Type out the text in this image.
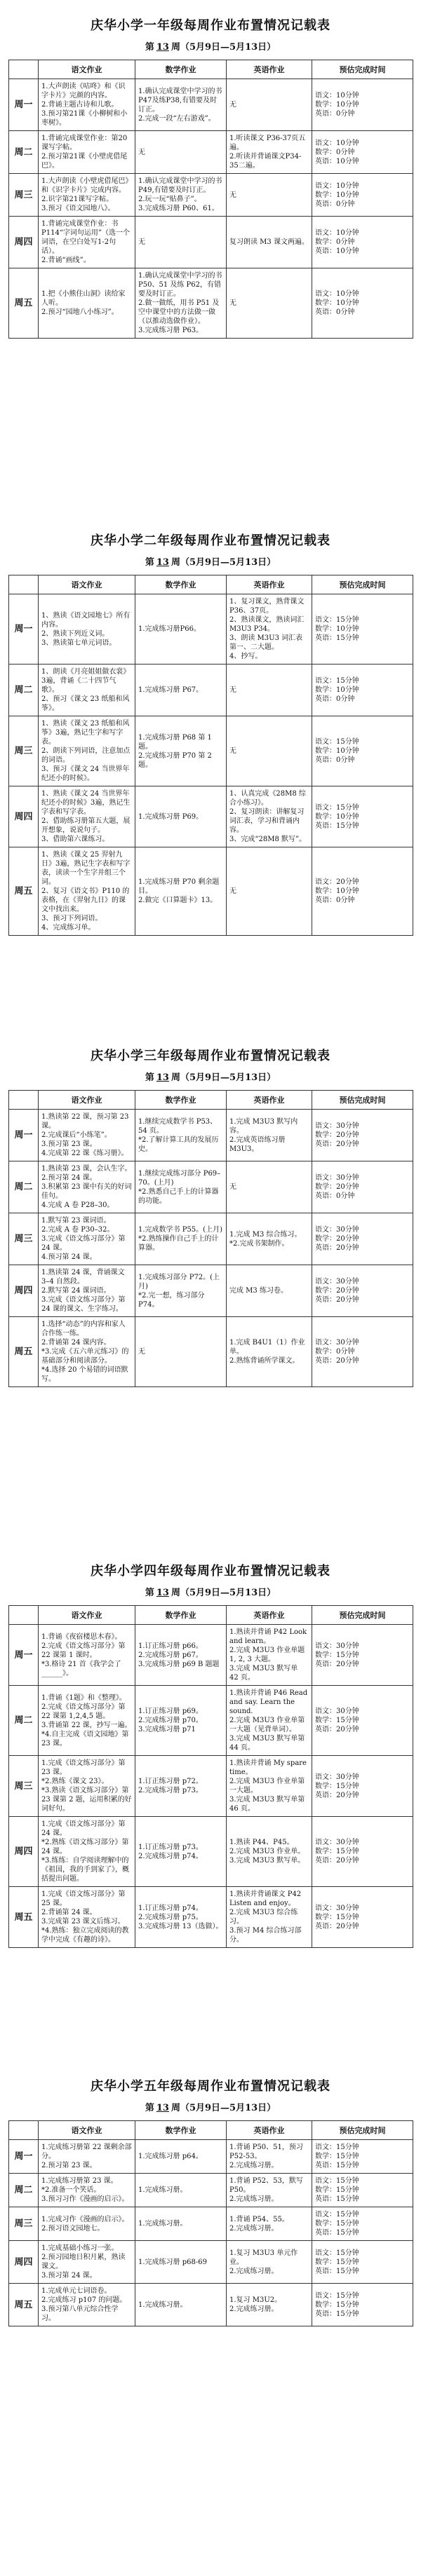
庆华小学一年级每周作业布置情况记载表
第 13 周（5月9日—5月13日）
	语文作业	数学作业	英语作业	预估完成时间
周一	1.大声朗读《咕咚》和《识字卡片》完颜的内容。
2.背诵主题古诗和儿歌。
3.预习第21课《小柳树和小枣树》。	1.确认完成课堂中学习的书P47及练P38,有错要及时订正。
2.完成一段“左右游戏”。	无	语文：10分钟
数学：10分钟
英语：0分钟

周二	1.背诵完成课堂作业：第20课写字帖。
2.预习第21课《小壁虎借尾巴》。	无	1.听读课文 P36-37页五遍。
2.听读并背诵课文P34-35二遍。	语文：10分钟
数学：0分钟
英语：10分钟

周三	1.大声朗读《小壁虎借尾巴》和《识字卡片》完成内容。
2.识字第21课写字帖。
3.预习《语文园地八》。	1.确认完成课堂中学习的书 P49,有错要及时订正。
2.玩一玩“贴鼻子”。
3.完成练习册 P60、61。	无	语文：10分钟
数学：10分钟
英语：0分钟

周四	1.背诵完成课堂作业：书P114“字词句运用”（选一个词语，在空白处写1-2句话）。
2.背诵“画线”。	无	复习朗读 M3 课文两遍。	语文：10分钟
数学：0分钟
英语：10分钟

周五	1.把《小熊住山洞》读给家人听。
2.预习“园地八小练习”。	1.确认完成课堂中学习的书 P50、51 及练 P62，有错要及时订正。
2.做一做纸，用书 P51 及空中课堂中的方法做一做（以推动选做作业）。
3.完成练习册 P63。	无	语文：10分钟
数学：10分钟
英语：0分钟
庆华小学二年级每周作业布置情况记载表
第 13 周（5月9日—5月13日）
	语文作业	数学作业	英语作业	预估完成时间
周一	1、熟读《语文园地七》所有内容。
2、熟读下列近义词。
3、熟读第七单元词语。	1.完成练习册P66。	1、复习课文，熟背课文P36、37页。
2、熟读课文，熟读词汇 M3U3 P34。
3、朗读 M3U3 词汇表第一、二大题。
4、抄写。	语文：15分钟
数学：10分钟
英语：15分钟

周二	1、朗读《月亮姐姐做衣裳》3遍，背诵《二十四节气歌》。
2、预习《课文 23 纸船和风筝》。	1.完成练习册 P67。	无	语文：15分钟
数学：10分钟
英语：0分钟

周三	1、熟读《课文 23 纸船和风筝》3遍，熟记生字和写字表。
2、朗读下列词语，注意加点的词语。
3、预习《课文 24 当世界年纪还小的时候》。	1.完成练习册 P68 第 1 题。
2.完成练习册 P70 第 2 题。	无	语文：15分钟
数学：10分钟
英语：0分钟

周四	1、熟读《课文 24 当世界年纪还小的时候》3遍，熟记生字表和写字表。
2、借助练习册第五大题，展开想象，说说句子。
3、借助第六课练习。	1.完成练习册 P69。	1、认真完成《28M8 综合小练习》。
2、复习朗读：讲解复习词汇表，学习和背诵内容。
3、完成“28M8 默写”。	语文：15分钟
数学：10分钟
英语：15分钟

周五	1、熟读《课文 25 羿射九日》3遍，熟记生字表和写字表，读读一个生字并组三个词。
2、复习《语文书》P110 的表格，在《羿射九日》的课文中找出来。
3、预习下列词语。
4、完成练习单。	1.完成练习册 P70 剩余题目。
2.做完《口算题卡》13。	无	语文：20分钟
数学：10分钟
英语：0分钟
庆华小学三年级每周作业布置情况记载表
第 13 周（5月9日—5月13日）
	语文作业	数学作业	英语作业	预估完成时间
周一	1.熟读第 22 课，预习第 23 课。
2.完成课后“小练笔”。
3.预习第 23 课。
4.完成第 22 课《练习册》。	1.继续完成数学书 P53、54 页。
*2.了解计算工具的发展历史。	1.完成 M3U3 默写内容。
2.完成英语练习册 M3U3。	语文：30分钟
数学：20分钟
英语：20分钟

周二	1.熟读第 23 课，会认生字。
2.预习第 24 课。
3.积累第 23 课中有关的好词佳句。
4.完成 A 卷 P28–30。	1.继续完成练习部分 P69–70。(上月)
*2.熟悉自己手上的计算器的功能。	无	语文：30分钟
数学：20分钟
英语：0分钟

周三	1.默写第 23 课词语。
2.完成 A 卷 P30–32。
3.完成《语文练习部分》第 24 课。
4.预习第 24 课。	1.完成数学书 P55。(上月)
*2.熟练操作自己手上的计算器。	1.完成 M3 综合练习。
*2.完成书架制作。	语文：30分钟
数学：20分钟
英语：20分钟

周四	1.熟读第 24 课，背诵课文 3–4 自然段。
2.默写第 24 课词语。
3.完成《语文练习部分》第 24 课的课文、生字练习。	1.完成练习部分 P72。(上月)
*2.完一想，练习部分 P74。	完成 M3 练习卷。	语文：30分钟
数学：20分钟
英语：20分钟

周五	1.选择“动态”的内容和家人合作练一练。
2.背诵第 24 课内容。
*3.完成《五六单元练习》的基础部分和阅读部分。
*4.选择 20 个易错的词语默写。	无	1.完成 B4U1（1）作业单。
2.熟练背诵所学课文。	语文：30分钟
数学：0分钟
英语：20分钟
庆华小学四年级每周作业布置情况记载表
第 13 周（5月9日—5月13日）
	语文作业	数学作业	英语作业	预估完成时间
周一	1.背诵《夜宿楼思木春》。
2.完成《语文练习部分》第 22 课第 1 课时。
*3.格诗 21 首《我学会了______》。	1.订正练习册 p66。
2.完成练习册 p67。
3.完成练习册 p69 B 题题	1.熟读并背诵 P42 Look and learn。
2.完成 M3U3 作业单题 1, 2, 3 大题。
3.完成 M3U3 默写单 42 页。	语文：30分钟
数学：15分钟
英语：20分钟

周二	1.背诵《1题》和《整理》。
2.完成《语文练习部分》第 22 课第 1,2,4,5 题。
3.背诵第 22 课，抄写一遍。
*4.自主完成《语文园地》第 23 课。	1.订正练习册 p69。
2.完成练习册 p70。
3.完成练习册 p71	1.熟读并背诵 P46 Read and say. Learn the sound.
2.完成 M3U3 作业单第一大题（见背单词）。
3.完成 M3U3 默写单第 44 页。	语文：30分钟
数学：15分钟
英语：20分钟

周三	1.完成《语文练习部分》第 23 课。
*2.熟练《课文 23》。
*3.熟读《语文练习部分》第 23 课第 2 题，运用积累的好词好句。	1.订正练习册 p72。
2.完成练习册 p73。	1.熟读并背诵 My spare time。
2.完成 M3U3 作业单第一大题。
3.完成 M3U3 默写单第 46 页。	语文：30分钟
数学：15分钟
英语：20分钟

周四	1.完成《语文练习部分》第 24 课。
*2.熟练《语文练习部分》第 24 课。
*3.练练：自学阅读理解中的《祖国，我的手到家了》，概括提出问题。	1.订正练习册 p73。
2.完成练习册 p74。	1.熟读 P44、P45。
2.完成 M3U3 作业单。
3.完成 M3U3 默写单。	语文：30分钟
数学：15分钟
英语：20分钟

周五	1.完成《语文练习部分》第 25 课。
2.背诵第 24 课。
3.完成第 23 课文后练习。
*4.熟练：独立完成阅读的教学中完成《有趣的诗》。	1.订正练习册 p74。
2.完成练习册 p75。
3.完成练习册 13（选做）。	1.熟读并背诵课文 P42 Listen and enjoy。
2.完成 M3U3 综合练习。
3.预习 M4 综合练习部分。	语文：30分钟
数学：15分钟
英语：20分钟
庆华小学五年级每周作业布置情况记载表
第 13 周（5月9日—5月13日）
	语文作业	数学作业	英语作业	预估完成时间
周一	1.完成练习册第 22 课剩余部分。
2.预习第 23 课。	1.完成练习册 p64。	1.背诵 P50、51，预习 P52-53。
2.完成练习册。	语文：15分钟
数学：15分钟
英语：15分钟

周二	1.完成练习册第 23 课。
*2.准备一个笑话。
3.预习习作《漫画的启示》。	1.完成练习册。	1.背诵 P52、53，默写 P50。
2.完成练习册。	语文：15分钟
数学：15分钟
英语：15分钟

周三	1.完成习作《漫画的启示》。
2.预习语文园地七。	1.完成练习册。	1.背诵 P54、55。
2.完成练习册。	语文：15分钟
数学：15分钟
英语：15分钟

周四	1.完成基础小练习一张。
2.预习园地日积月累，熟读课文。
3.预习第 24 课。	1.完成练习册 p68-69	1.复习 M3U3 单元作业。
2.完成练习册。	语文：15分钟
数学：15分钟
英语：15分钟

周五	1.完成单元七词语卷。
2.完成练习 p107 的问题。
3.预习第八单元综合性学习。	1.完成练习册。	1.复习 M3U2。
2.完成练习册。	语文：15分钟
数学：15分钟
英语：15分钟
